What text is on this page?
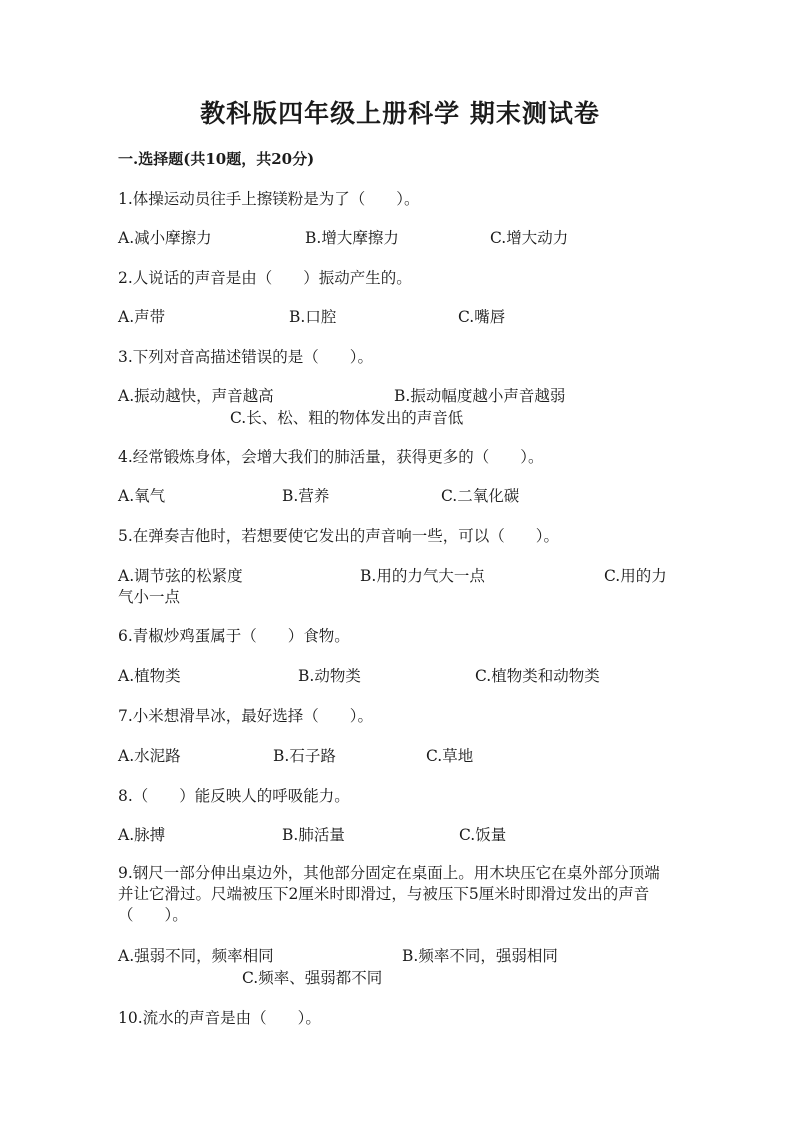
教科版四年级上册科学 期末测试卷
一.选择题(共10题，共20分)
1.体操运动员往手上擦镁粉是为了（　　）。
A.减小摩擦力	B.增大摩擦力	C.增大动力
2.人说话的声音是由（　　）振动产生的。
A.声带	B.口腔	C.嘴唇
3.下列对音高描述错误的是（　　）。
A.振动越快，声音越高	B.振动幅度越小声音越弱
C.长、松、粗的物体发出的声音低
4.经常锻炼身体，会增大我们的肺活量，获得更多的（　　）。
A.氧气	B.营养	C.二氧化碳
5.在弹奏吉他时，若想要使它发出的声音响一些，可以（　　）。
A.调节弦的松紧度	B.用的力气大一点	C.用的力
气小一点
6.青椒炒鸡蛋属于（　　）食物。
A.植物类	B.动物类	C.植物类和动物类
7.小米想滑旱冰，最好选择（　　）。
A.水泥路	B.石子路	C.草地
8.（　　）能反映人的呼吸能力。
A.脉搏	B.肺活量	C.饭量
9.钢尺一部分伸出桌边外，其他部分固定在桌面上。用木块压它在桌外部分顶端并让它滑过。尺端被压下2厘米时即滑过，与被压下5厘米时即滑过发出的声音（　　）。
A.强弱不同，频率相同	B.频率不同，强弱相同
C.频率、强弱都不同
10.流水的声音是由（　　）。
